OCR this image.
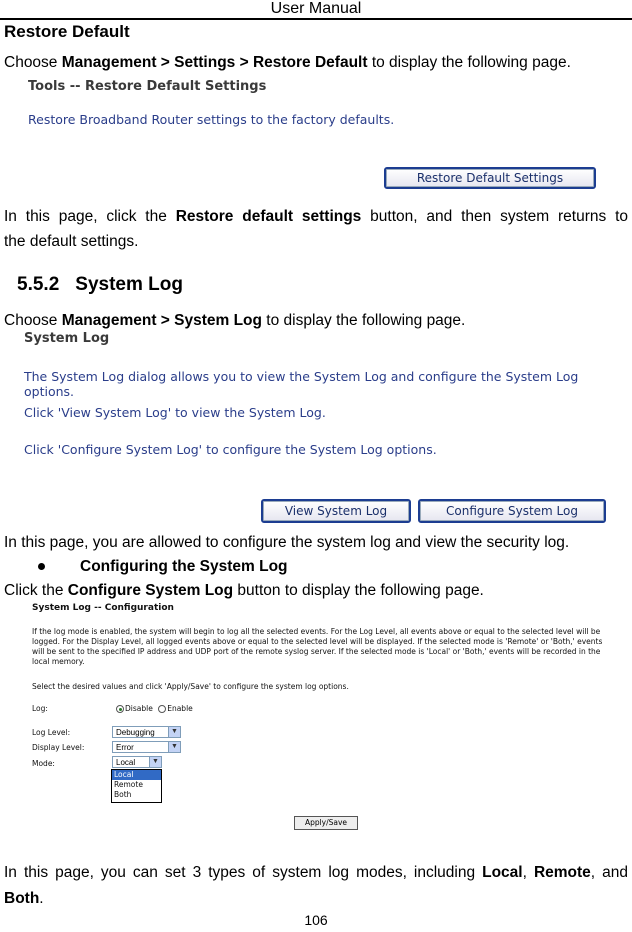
User Manual
Restore Default
Choose Management > Settings > Restore Default to display the following page.
Tools -- Restore Default Settings
Restore Broadband Router settings to the factory defaults.
Restore Default Settings
In this page, click the Restore default settings button, and then system returns to
the default settings.
5.5.2 System Log
Choose Management > System Log to display the following page.
System Log
The System Log dialog allows you to view the System Log and configure the System Log options.
Click 'View System Log' to view the System Log.
Click 'Configure System Log' to configure the System Log options.
View System Log	Configure System Log
In this page, you are allowed to configure the system log and view the security log.
Configuring the System Log
Click the Configure System Log button to display the following page.
System Log -- Configuration
If the log mode is enabled, the system will begin to log all the selected events. For the Log Level, all events above or equal to the selected level will be
logged. For the Display Level, all logged events above or equal to the selected level will be displayed. If the selected mode is 'Remote' or 'Both,' events
will be sent to the specified IP address and UDP port of the remote syslog server. If the selected mode is 'Local' or 'Both,' events will be recorded in the
local memory.
Select the desired values and click 'Apply/Save' to configure the system log options.
Log:	Disable Enable
Log Level:	Debugging	▼
Display Level:	Error	▼
Mode:	Local	▼
Local
Remote
Both
Apply/Save
In this page, you can set 3 types of system log modes, including Local, Remote, and
Both.
106
